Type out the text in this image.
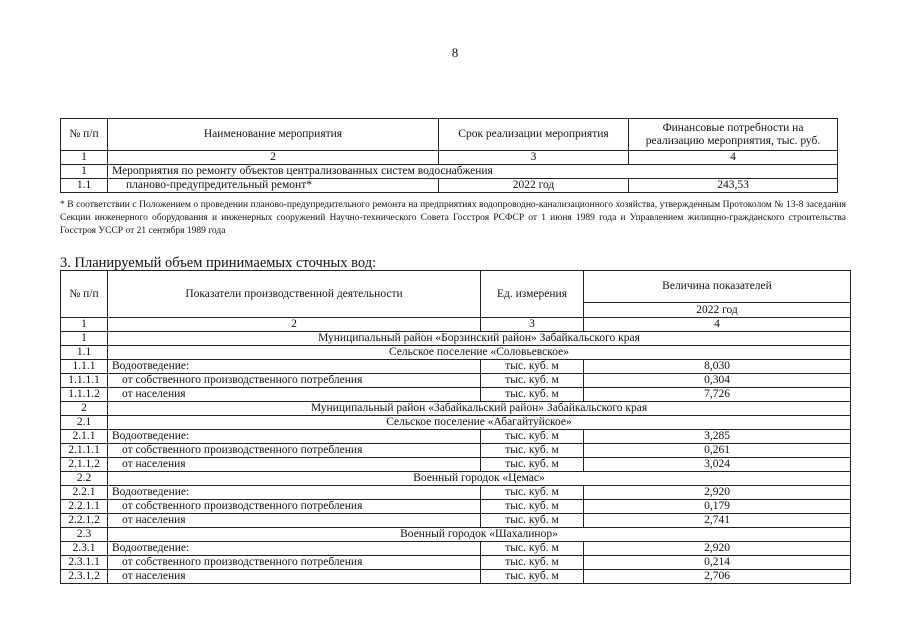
8
№ п/п	Наименование мероприятия	Срок реализации мероприятия	Финансовые потребности на реализацию мероприятия, тыс. руб.
1	2	3	4
1	Мероприятия по ремонту объектов централизованных систем водоснабжения		
1.1	планово-предупредительный ремонт*	2022 год	243,53
* В соответствии с Положением о проведении планово-предупредительного ремонта на предприятиях водопроводно-канализационного хозяйства, утвержденным Протоколом № 13-8 заседания Секции инженерного оборудования и инженерных сооружений Научно-технического Совета Госстроя РСФСР от 1 июня 1989 года и Управлением жилищно-гражданского строительства Госстроя УССР от 21 сентября 1989 года
3. Планируемый объем принимаемых сточных вод:
№ п/п	Показатели производственной деятельности	Ед. измерения	Величина показателей
			2022 год
1	2	3	4
1	Муниципальный район «Борзинский район» Забайкальского края		
1.1	Сельское поселение «Соловьевское»		
1.1.1	Водоотведение:	тыс. куб. м	8,030
1.1.1.1	от собственного производственного потребления	тыс. куб. м	0,304
1.1.1.2	от населения	тыс. куб. м	7,726
2	Муниципальный район «Забайкальский район» Забайкальского края		
2.1	Сельское поселение «Абагайтуйское»		
2.1.1	Водоотведение:	тыс. куб. м	3,285
2.1.1.1	от собственного производственного потребления	тыс. куб. м	0,261
2.1.1.2	от населения	тыс. куб. м	3,024
2.2	Военный городок «Цемас»		
2.2.1	Водоотведение:	тыс. куб. м	2,920
2.2.1.1	от собственного производственного потребления	тыс. куб. м	0,179
2.2.1.2	от населения	тыс. куб. м	2,741
2.3	Военный городок «Шахалинор»		
2.3.1	Водоотведение:	тыс. куб. м	2,920
2.3.1.1	от собственного производственного потребления	тыс. куб. м	0,214
2.3.1.2	от населения	тыс. куб. м	2,706
